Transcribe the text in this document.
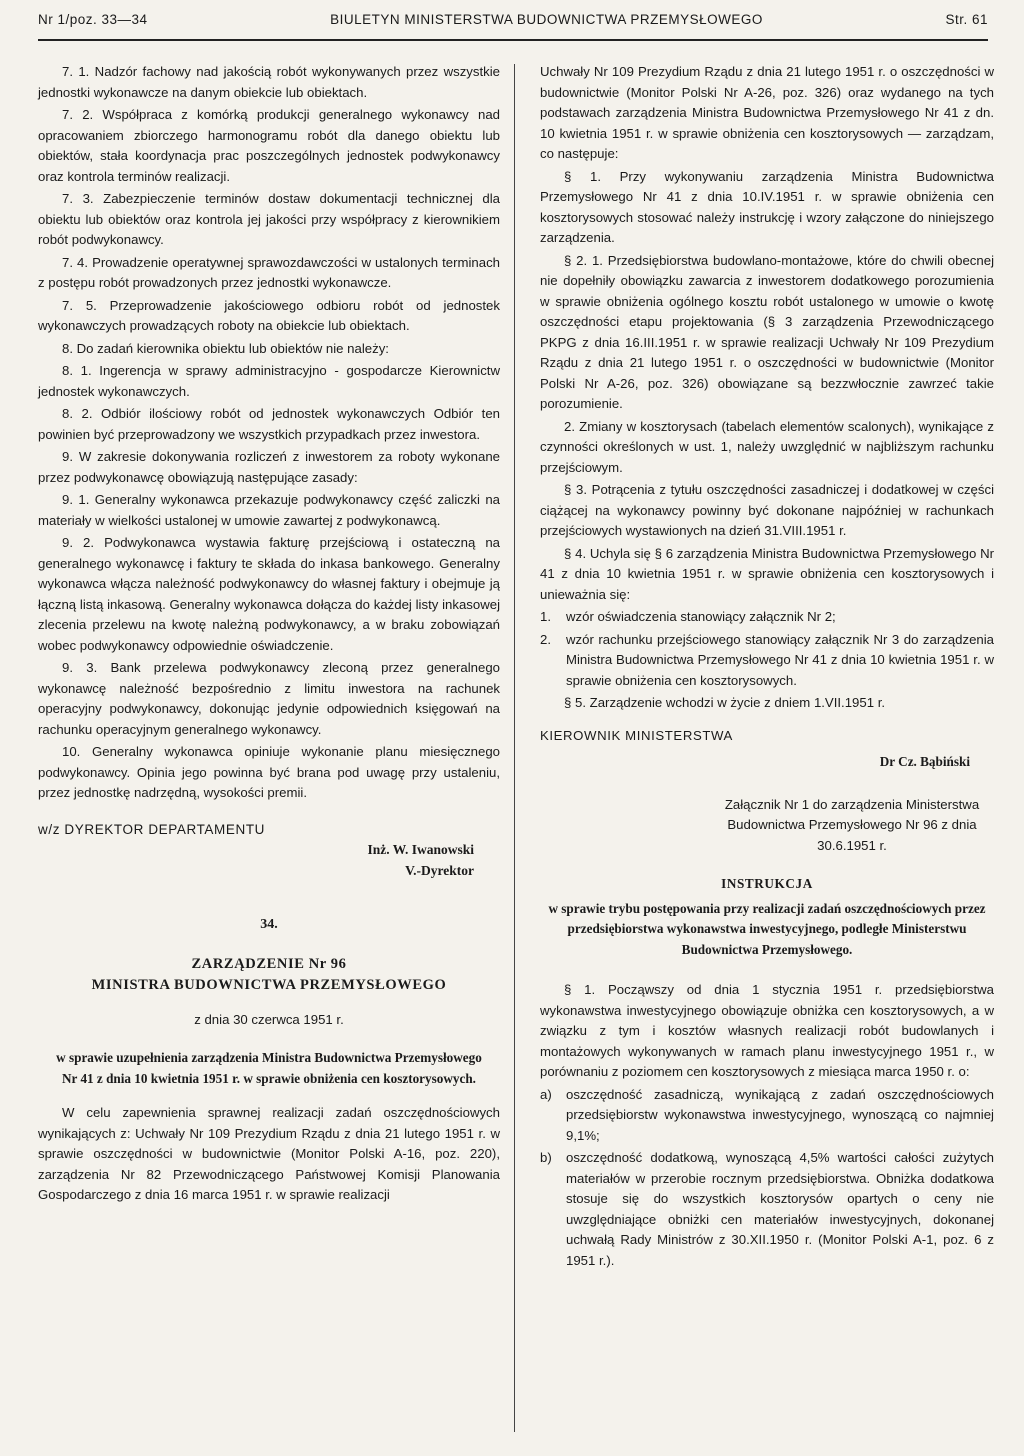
Nr 1/poz. 33—34	BIULETYN MINISTERSTWA BUDOWNICTWA PRZEMYSŁOWEGO	Str. 61

7. 1. Nadzór fachowy nad jakością robót wykonywanych przez wszystkie jednostki wykonawcze na danym obiekcie lub obiektach.

7. 2. Współpraca z komórką produkcji generalnego wykonawcy nad opracowaniem zbiorczego harmonogramu robót dla danego obiektu lub obiektów, stała koordynacja prac poszczególnych jednostek podwykonawcy oraz kontrola terminów realizacji.

7. 3. Zabezpieczenie terminów dostaw dokumentacji technicznej dla obiektu lub obiektów oraz kontrola jej jakości przy współpracy z kierownikiem robót podwykonawcy.

7. 4. Prowadzenie operatywnej sprawozdawczości w ustalonych terminach z postępu robót prowadzonych przez jednostki wykonawcze.

7. 5. Przeprowadzenie jakościowego odbioru robót od jednostek wykonawczych prowadzących roboty na obiekcie lub obiektach.

8. Do zadań kierownika obiektu lub obiektów nie należy:

8. 1. Ingerencja w sprawy administracyjno - gospodarcze Kierownictw jednostek wykonawczych.

8. 2. Odbiór ilościowy robót od jednostek wykonawczych Odbiór ten powinien być przeprowadzony we wszystkich przypadkach przez inwestora.

9. W zakresie dokonywania rozliczeń z inwestorem za roboty wykonane przez podwykonawcę obowiązują następujące zasady:

9. 1. Generalny wykonawca przekazuje podwykonawcy część zaliczki na materiały w wielkości ustalonej w umowie zawartej z podwykonawcą.

9. 2. Podwykonawca wystawia fakturę przejściową i ostateczną na generalnego wykonawcę i faktury te składa do inkasa bankowego. Generalny wykonawca włącza należność podwykonawcy do własnej faktury i obejmuje ją łączną listą inkasową. Generalny wykonawca dołącza do każdej listy inkasowej zlecenia przelewu na kwotę należną podwykonawcy, a w braku zobowiązań wobec podwykonawcy odpowiednie oświadczenie.

9. 3. Bank przelewa podwykonawcy zleconą przez generalnego wykonawcę należność bezpośrednio z limitu inwestora na rachunek operacyjny podwykonawcy, dokonując jedynie odpowiednich księgowań na rachunku operacyjnym generalnego wykonawcy.

10. Generalny wykonawca opiniuje wykonanie planu miesięcznego podwykonawcy. Opinia jego powinna być brana pod uwagę przy ustaleniu, przez jednostkę nadrzędną, wysokości premii.

w/z DYREKTOR DEPARTAMENTU
Inż. W. Iwanowski
V.-Dyrektor
34.
ZARZĄDZENIE Nr 96
MINISTRA BUDOWNICTWA PRZEMYSŁOWEGO
z dnia 30 czerwca 1951 r.
w sprawie uzupełnienia zarządzenia Ministra Budownictwa Przemysłowego Nr 41 z dnia 10 kwietnia 1951 r. w sprawie obniżenia cen kosztorysowych.

W celu zapewnienia sprawnej realizacji zadań oszczędnościowych wynikających z: Uchwały Nr 109 Prezydium Rządu z dnia 21 lutego 1951 r. w sprawie oszczędności w budownictwie (Monitor Polski A-16, poz. 220), zarządzenia Nr 82 Przewodniczącego Państwowej Komisji Planowania Gospodarczego z dnia 16 marca 1951 r. w sprawie realizacji

Uchwały Nr 109 Prezydium Rządu z dnia 21 lutego 1951 r. o oszczędności w budownictwie (Monitor Polski Nr A-26, poz. 326) oraz wydanego na tych podstawach zarządzenia Ministra Budownictwa Przemysłowego Nr 41 z dn. 10 kwietnia 1951 r. w sprawie obniżenia cen kosztorysowych — zarządzam, co następuje:

§ 1. Przy wykonywaniu zarządzenia Ministra Budownictwa Przemysłowego Nr 41 z dnia 10.IV.1951 r. w sprawie obniżenia cen kosztorysowych stosować należy instrukcję i wzory załączone do niniejszego zarządzenia.

§ 2. 1. Przedsiębiorstwa budowlano-montażowe, które do chwili obecnej nie dopełniły obowiązku zawarcia z inwestorem dodatkowego porozumienia w sprawie obniżenia ogólnego kosztu robót ustalonego w umowie o kwotę oszczędności etapu projektowania (§ 3 zarządzenia Przewodniczącego PKPG z dnia 16.III.1951 r. w sprawie realizacji Uchwały Nr 109 Prezydium Rządu z dnia 21 lutego 1951 r. o oszczędności w budownictwie (Monitor Polski Nr A-26, poz. 326) obowiązane są bezzwłocznie zawrzeć takie porozumienie.

2. Zmiany w kosztorysach (tabelach elementów scalonych), wynikające z czynności określonych w ust. 1, należy uwzględnić w najbliższym rachunku przejściowym.

§ 3. Potrącenia z tytułu oszczędności zasadniczej i dodatkowej w części ciążącej na wykonawcy powinny być dokonane najpóźniej w rachunkach przejściowych wystawionych na dzień 31.VIII.1951 r.

§ 4. Uchyla się § 6 zarządzenia Ministra Budownictwa Przemysłowego Nr 41 z dnia 10 kwietnia 1951 r. w sprawie obniżenia cen kosztorysowych i unieważnia się:

1.	wzór oświadczenia stanowiący załącznik Nr 2;
2.	wzór rachunku przejściowego stanowiący załącznik Nr 3 do zarządzenia Ministra Budownictwa Przemysłowego Nr 41 z dnia 10 kwietnia 1951 r. w sprawie obniżenia cen kosztorysowych.

§ 5. Zarządzenie wchodzi w życie z dniem 1.VII.1951 r.

KIEROWNIK MINISTERSTWA
Dr Cz. Bąbiński
Załącznik Nr 1 do zarządzenia Ministerstwa Budownictwa Przemysłowego Nr 96 z dnia 30.6.1951 r.
INSTRUKCJA
w sprawie trybu postępowania przy realizacji zadań oszczędnościowych przez przedsiębiorstwa wykonawstwa inwestycyjnego, podległe Ministerstwu Budownictwa Przemysłowego.

§ 1. Począwszy od dnia 1 stycznia 1951 r. przedsiębiorstwa wykonawstwa inwestycyjnego obowiązuje obniżka cen kosztorysowych, a w związku z tym i kosztów własnych realizacji robót budowlanych i montażowych wykonywanych w ramach planu inwestycyjnego 1951 r., w porównaniu z poziomem cen kosztorysowych z miesiąca marca 1950 r. o:

a)	oszczędność zasadniczą, wynikającą z zadań oszczędnościowych przedsiębiorstw wykonawstwa inwestycyjnego, wynoszącą co najmniej 9,1%;
b)	oszczędność dodatkową, wynoszącą 4,5% wartości całości zużytych materiałów w przerobie rocznym przedsiębiorstwa. Obniżka dodatkowa stosuje się do wszystkich kosztorysów opartych o ceny nie uwzględniające obniżki cen materiałów inwestycyjnych, dokonanej uchwałą Rady Ministrów z 30.XII.1950 r. (Monitor Polski A-1, poz. 6 z 1951 r.).
